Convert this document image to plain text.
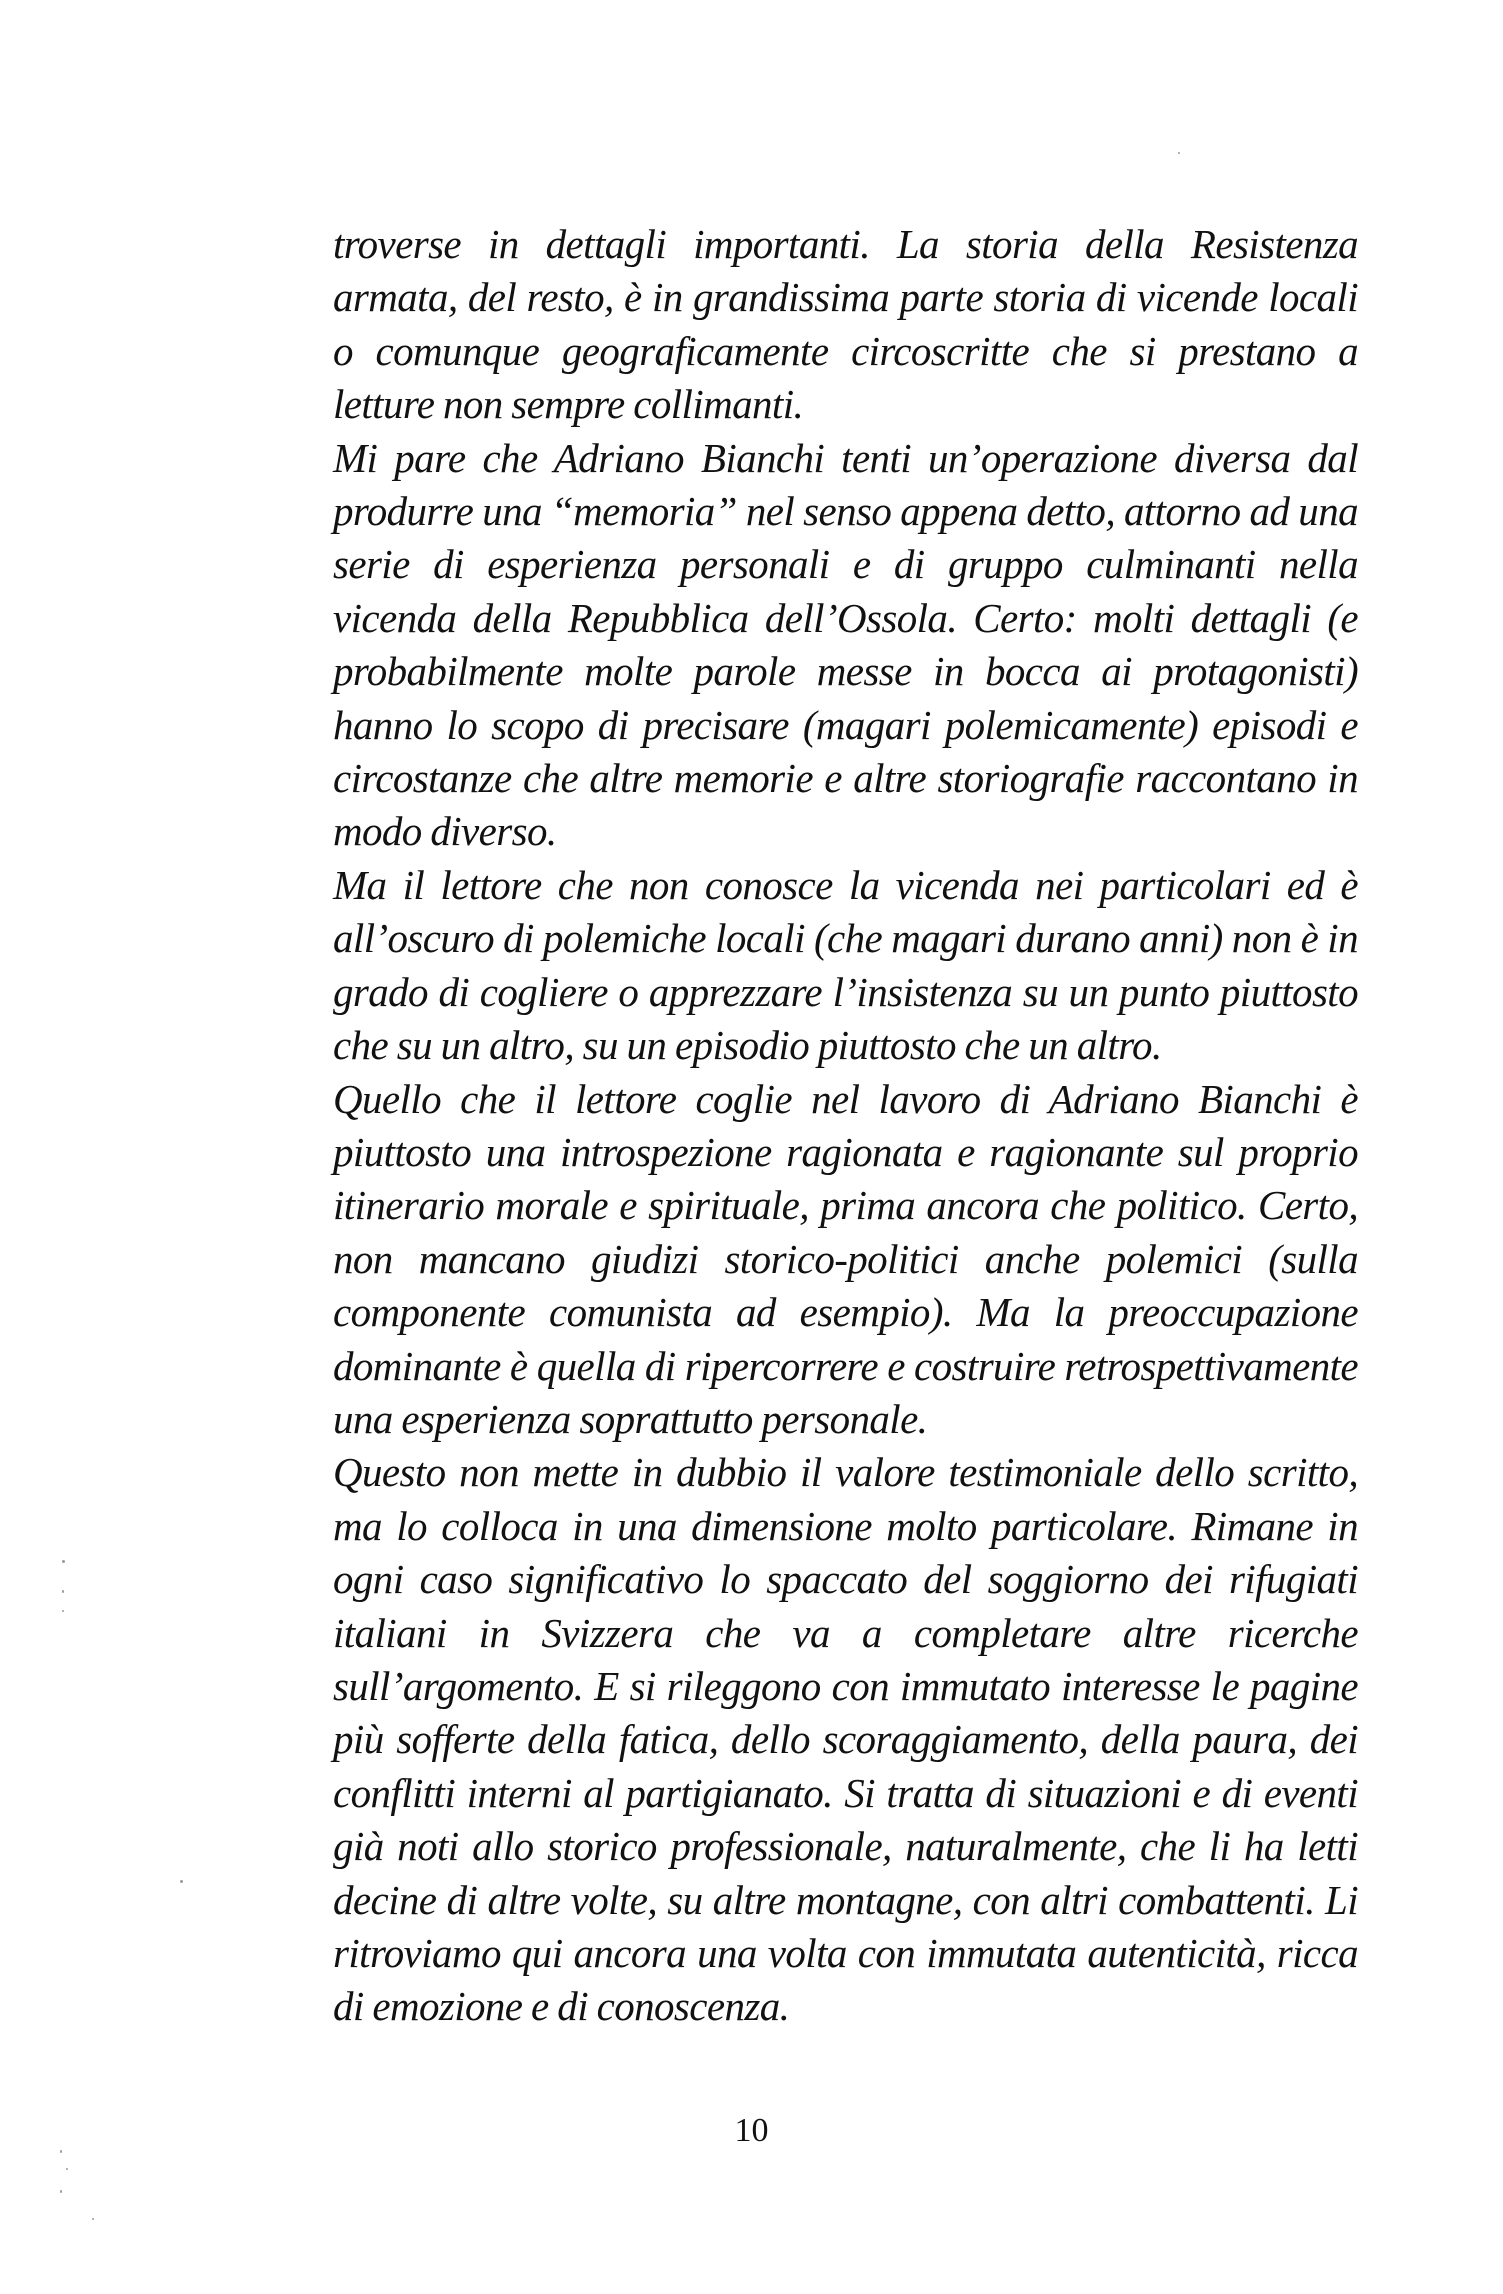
troverse in dettagli importanti. La storia della Resistenza armata, del resto, è in grandissima parte storia di vicende locali o comunque geograficamente circoscritte che si prestano a letture non sempre collimanti.

Mi pare che Adriano Bianchi tenti un’operazione diversa dal produrre una “memoria” nel senso appena detto, attorno ad una serie di esperienza personali e di gruppo culminanti nella vicenda della Repubblica dell’Ossola. Certo: molti dettagli (e probabilmente molte parole messe in bocca ai protagonisti) hanno lo scopo di precisare (magari polemicamente) episodi e circostanze che altre memorie e altre storiografie raccontano in modo diverso.

Ma il lettore che non conosce la vicenda nei particolari ed è all’oscuro di polemiche locali (che magari durano anni) non è in grado di cogliere o apprezzare l’insistenza su un punto piuttosto che su un altro, su un episodio piuttosto che un altro.

Quello che il lettore coglie nel lavoro di Adriano Bianchi è piuttosto una introspezione ragionata e ragionante sul proprio itinerario morale e spirituale, prima ancora che politico. Certo, non mancano giudizi storico-politici anche polemici (sulla componente comunista ad esempio). Ma la preoccupazione dominante è quella di ripercorrere e costruire retrospettivamente una esperienza soprattutto personale.

Questo non mette in dubbio il valore testimoniale dello scritto, ma lo colloca in una dimensione molto particolare. Rimane in ogni caso significativo lo spaccato del soggiorno dei rifugiati italiani in Svizzera che va a completare altre ricerche sull’argomento. E si rileggono con immutato interesse le pagine più sofferte della fatica, dello scoraggiamento, della paura, dei conflitti interni al partigianato. Si tratta di situazioni e di eventi già noti allo storico professionale, naturalmente, che li ha letti decine di altre volte, su altre montagne, con altri combattenti. Li ritroviamo qui ancora una volta con immutata autenticità, ricca di emozione e di conoscenza.

10
